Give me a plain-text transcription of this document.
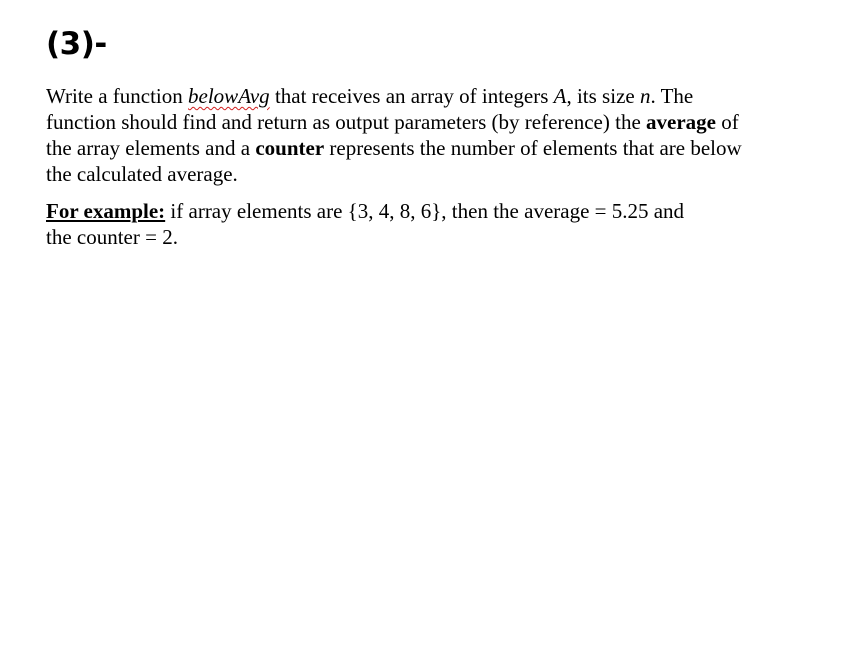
(3)-

Write a function belowAvg that receives an array of integers A, its size n. The
function should find and return as output parameters (by reference) the average of
the array elements and a counter represents the number of elements that are below
the calculated average.

For example: if array elements are {3, 4, 8, 6}, then the average = 5.25 and
the counter = 2.
